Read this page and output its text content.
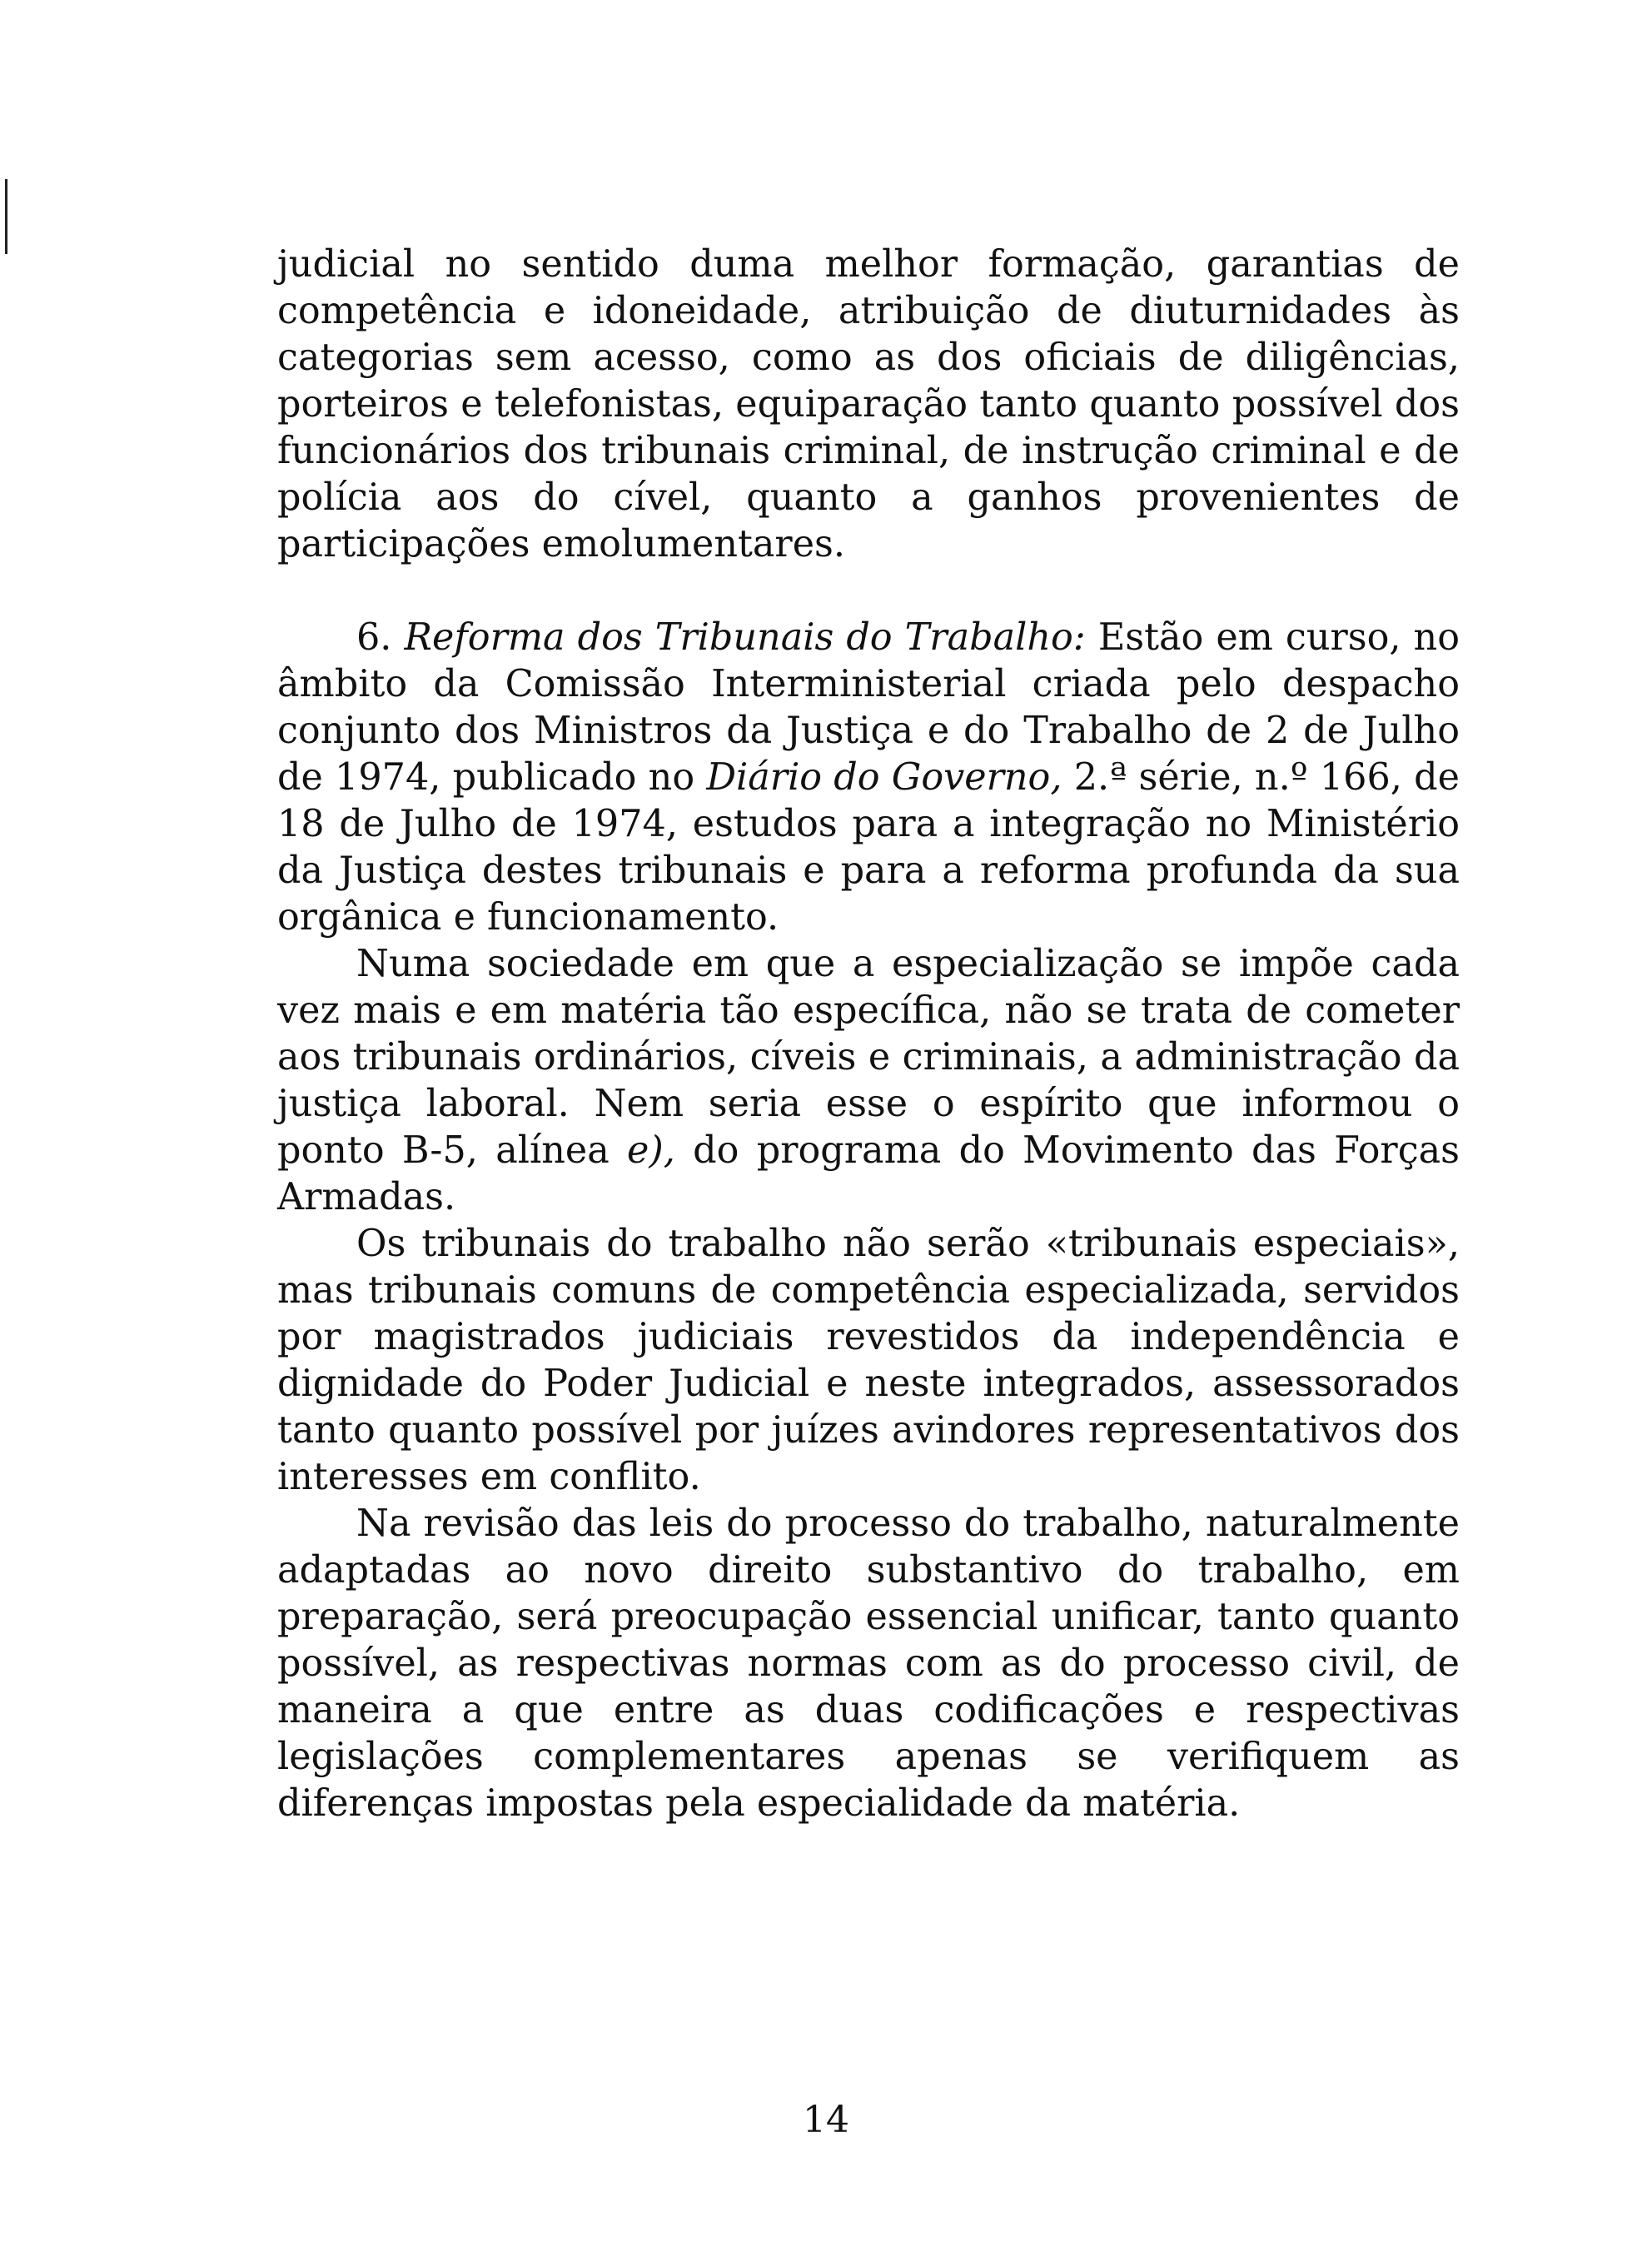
judicial no sentido duma melhor formação, garantias de competência e idoneidade, atribuição de diuturnidades às categorias sem acesso, como as dos oficiais de diligências, porteiros e telefonistas, equiparação tanto quanto possível dos funcionários dos tribunais criminal, de instrução criminal e de polícia aos do cível, quanto a ganhos provenientes de participações emolumentares.

6. Reforma dos Tribunais do Trabalho: Estão em curso, no âmbito da Comissão Interministerial criada pelo despacho conjunto dos Ministros da Justiça e do Trabalho de 2 de Julho de 1974, publicado no Diário do Governo, 2.ª série, n.º 166, de 18 de Julho de 1974, estudos para a integração no Ministério da Justiça destes tribunais e para a reforma profunda da sua orgânica e funcionamento.

Numa sociedade em que a especialização se impõe cada vez mais e em matéria tão específica, não se trata de cometer aos tribunais ordinários, cíveis e criminais, a administração da justiça laboral. Nem seria esse o espírito que informou o ponto B-5, alínea e), do programa do Movimento das Forças Armadas.

Os tribunais do trabalho não serão «tribunais especiais», mas tribunais comuns de competência especializada, servidos por magistrados judiciais revestidos da independência e dignidade do Poder Judicial e neste integrados, assessorados tanto quanto possível por juízes avindores representativos dos interesses em conflito.

Na revisão das leis do processo do trabalho, naturalmente adaptadas ao novo direito substantivo do trabalho, em preparação, será preocupação essencial unificar, tanto quanto possível, as respectivas normas com as do processo civil, de maneira a que entre as duas codificações e respectivas legislações complementares apenas se verifiquem as diferenças impostas pela especialidade da matéria.

14
